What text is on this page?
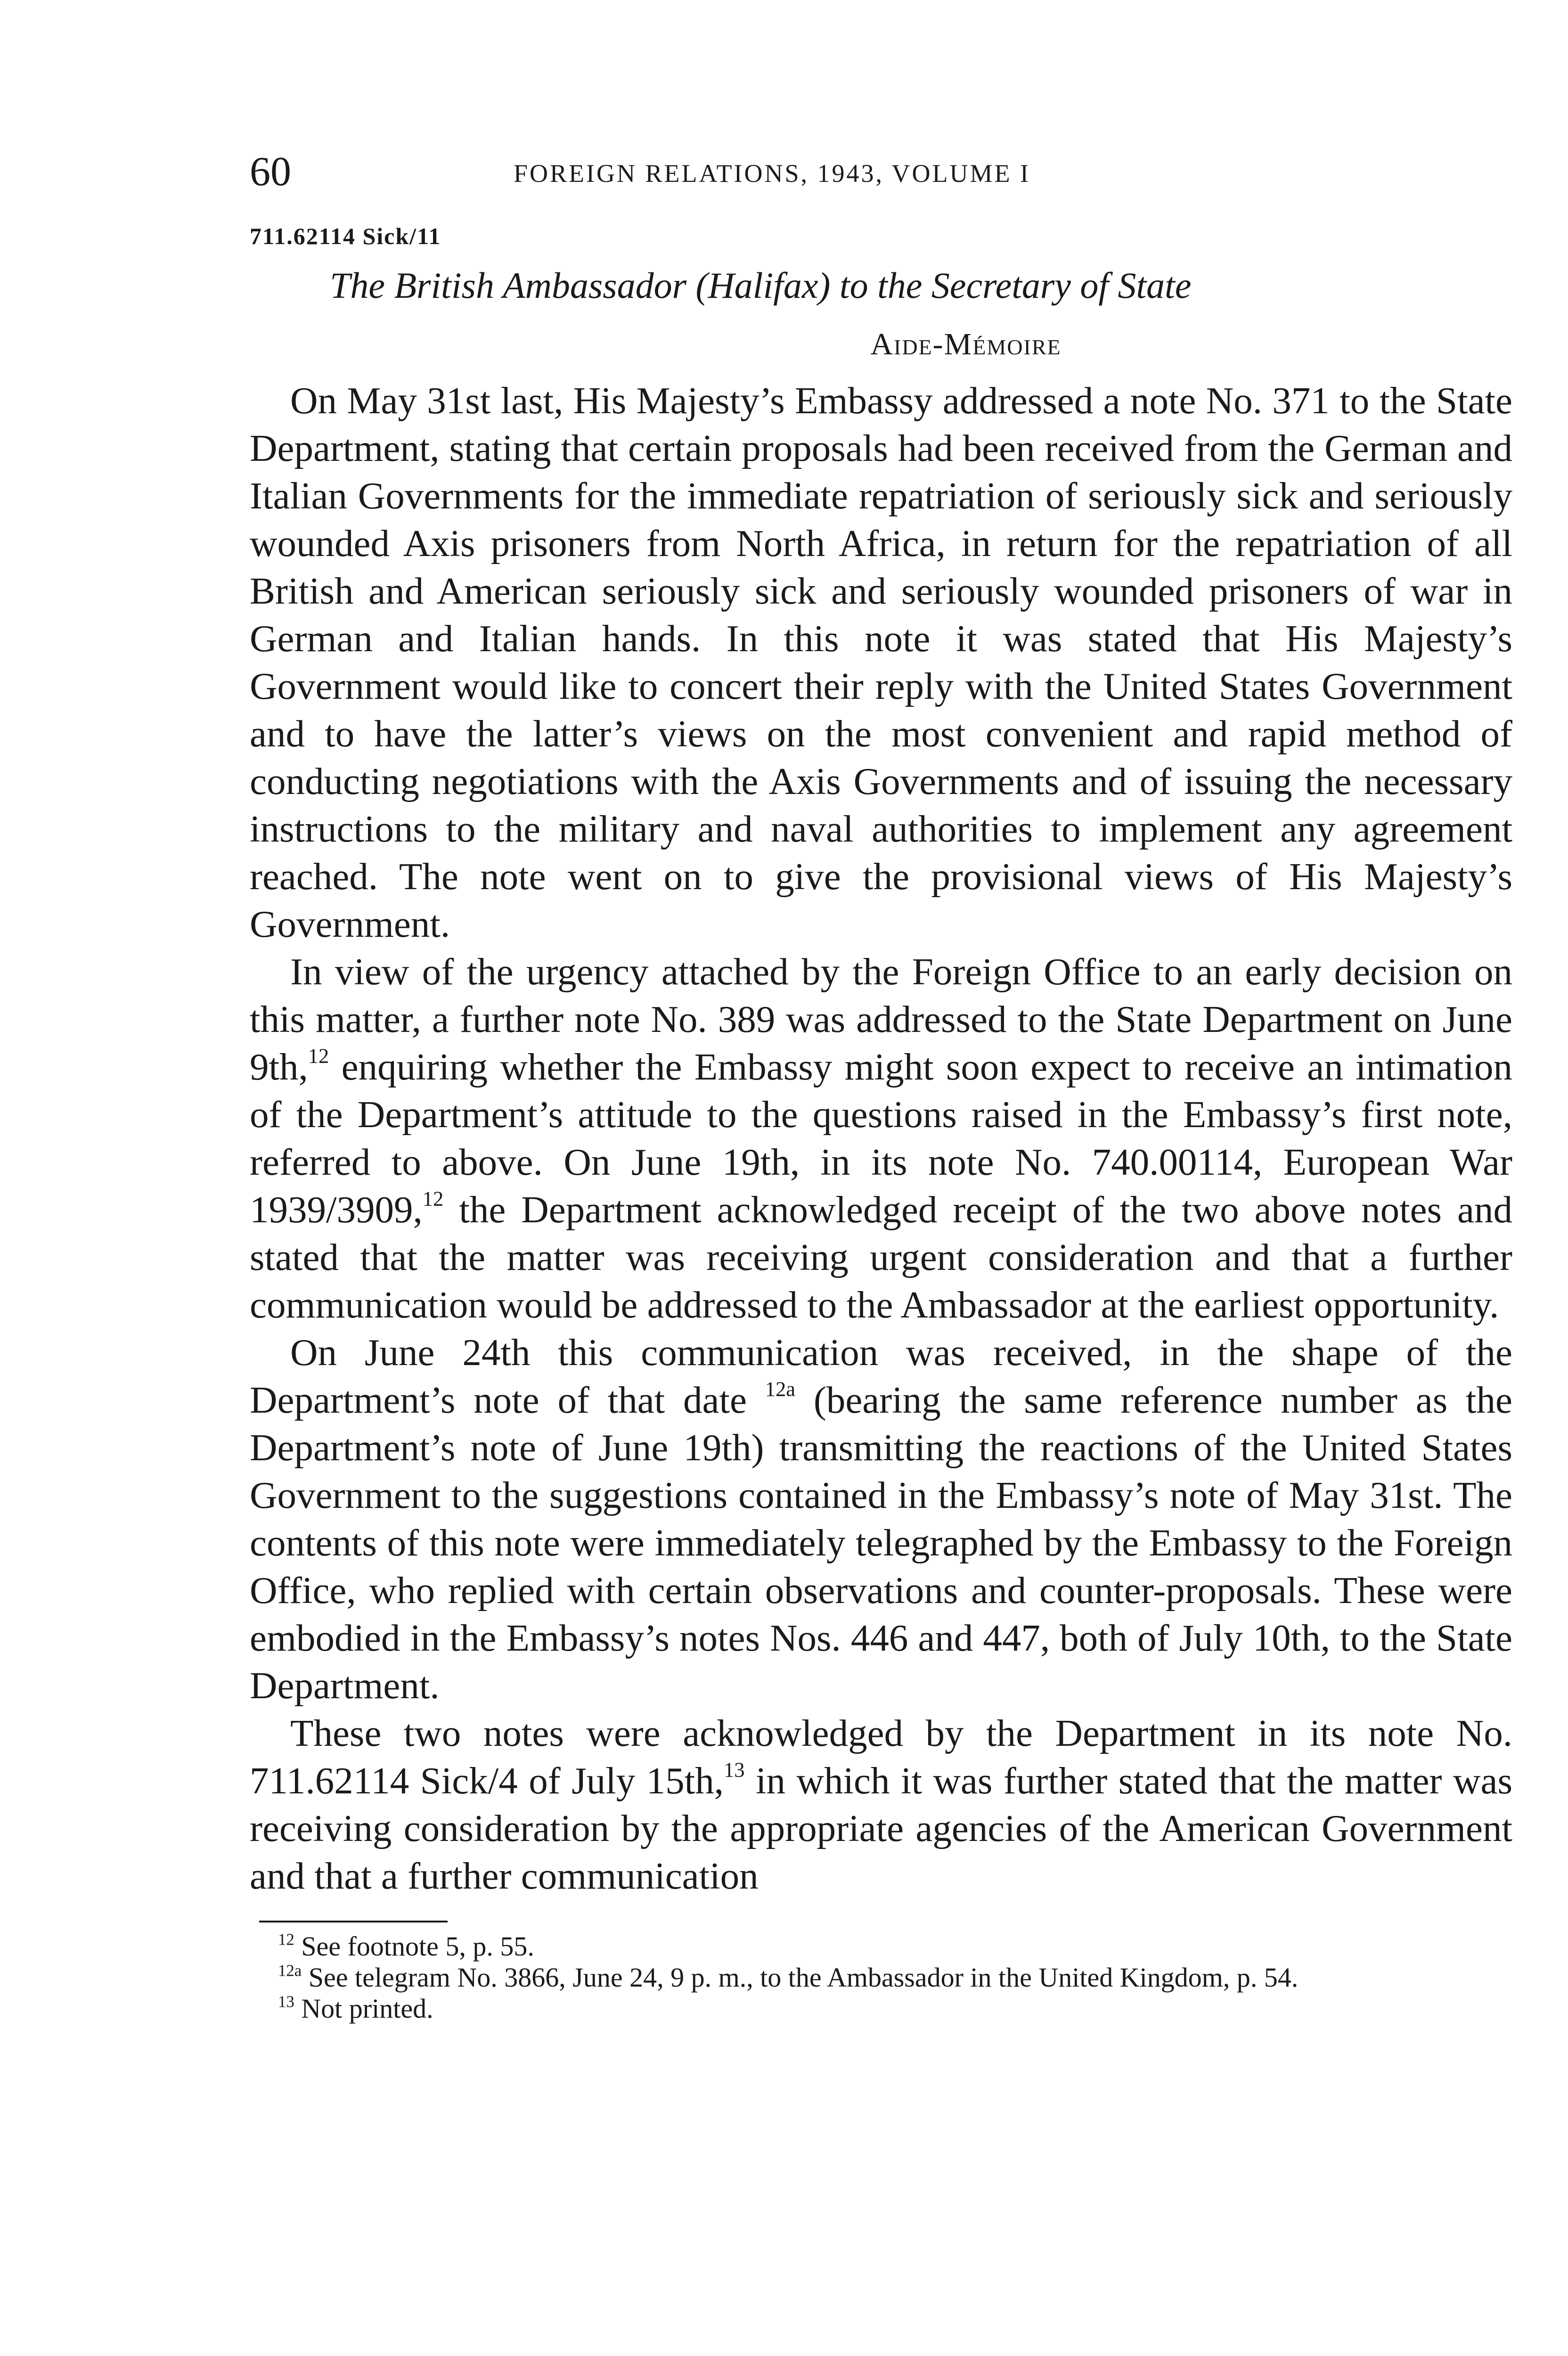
60	FOREIGN RELATIONS, 1943, VOLUME I
711.62114 Sick/11
The British Ambassador (Halifax) to the Secretary of State
Aide-Mémoire

On May 31st last, His Majesty’s Embassy addressed a note No. 371 to the State Department, stating that certain proposals had been received from the German and Italian Governments for the immediate repatriation of seriously sick and seriously wounded Axis prisoners from North Africa, in return for the repatriation of all British and American seriously sick and seriously wounded prisoners of war in German and Italian hands. In this note it was stated that His Majesty’s Government would like to concert their reply with the United States Government and to have the latter’s views on the most convenient and rapid method of conducting negotiations with the Axis Governments and of issuing the necessary instructions to the military and naval authorities to implement any agreement reached. The note went on to give the provisional views of His Majesty’s Government.

In view of the urgency attached by the Foreign Office to an early decision on this matter, a further note No. 389 was addressed to the State Department on June 9th,$^{12}$ enquiring whether the Embassy might soon expect to receive an intimation of the Department’s attitude to the questions raised in the Embassy’s first note, referred to above. On June 19th, in its note No. 740.00114, European War 1939/3909,12 the Department acknowledged receipt of the two above notes and stated that the matter was receiving urgent consideration and that a further communication would be addressed to the Ambassador at the earliest opportunity.

On June 24th this communication was received, in the shape of the Department’s note of that date $^{12a}$ (bearing the same reference number as the Department’s note of June 19th) transmitting the reactions of the United States Government to the suggestions contained in the Embassy’s note of May 31st. The contents of this note were immediately telegraphed by the Embassy to the Foreign Office, who replied with certain observations and counter-proposals. These were embodied in the Embassy’s notes Nos. 446 and 447, both of July 10th, to the State Department.

These two notes were acknowledged by the Department in its note No. 711.62114 Sick/4 of July 15th,$^{13}$ in which it was further stated that the matter was receiving consideration by the appropriate agencies of the American Government and that a further communication

$^{12}$ See footnote 5, p. 55.

$^{12a}$ See telegram No. 3866, June 24, 9 p. m., to the Ambassador in the United Kingdom, p. 54.

$^{13}$ Not printed.
